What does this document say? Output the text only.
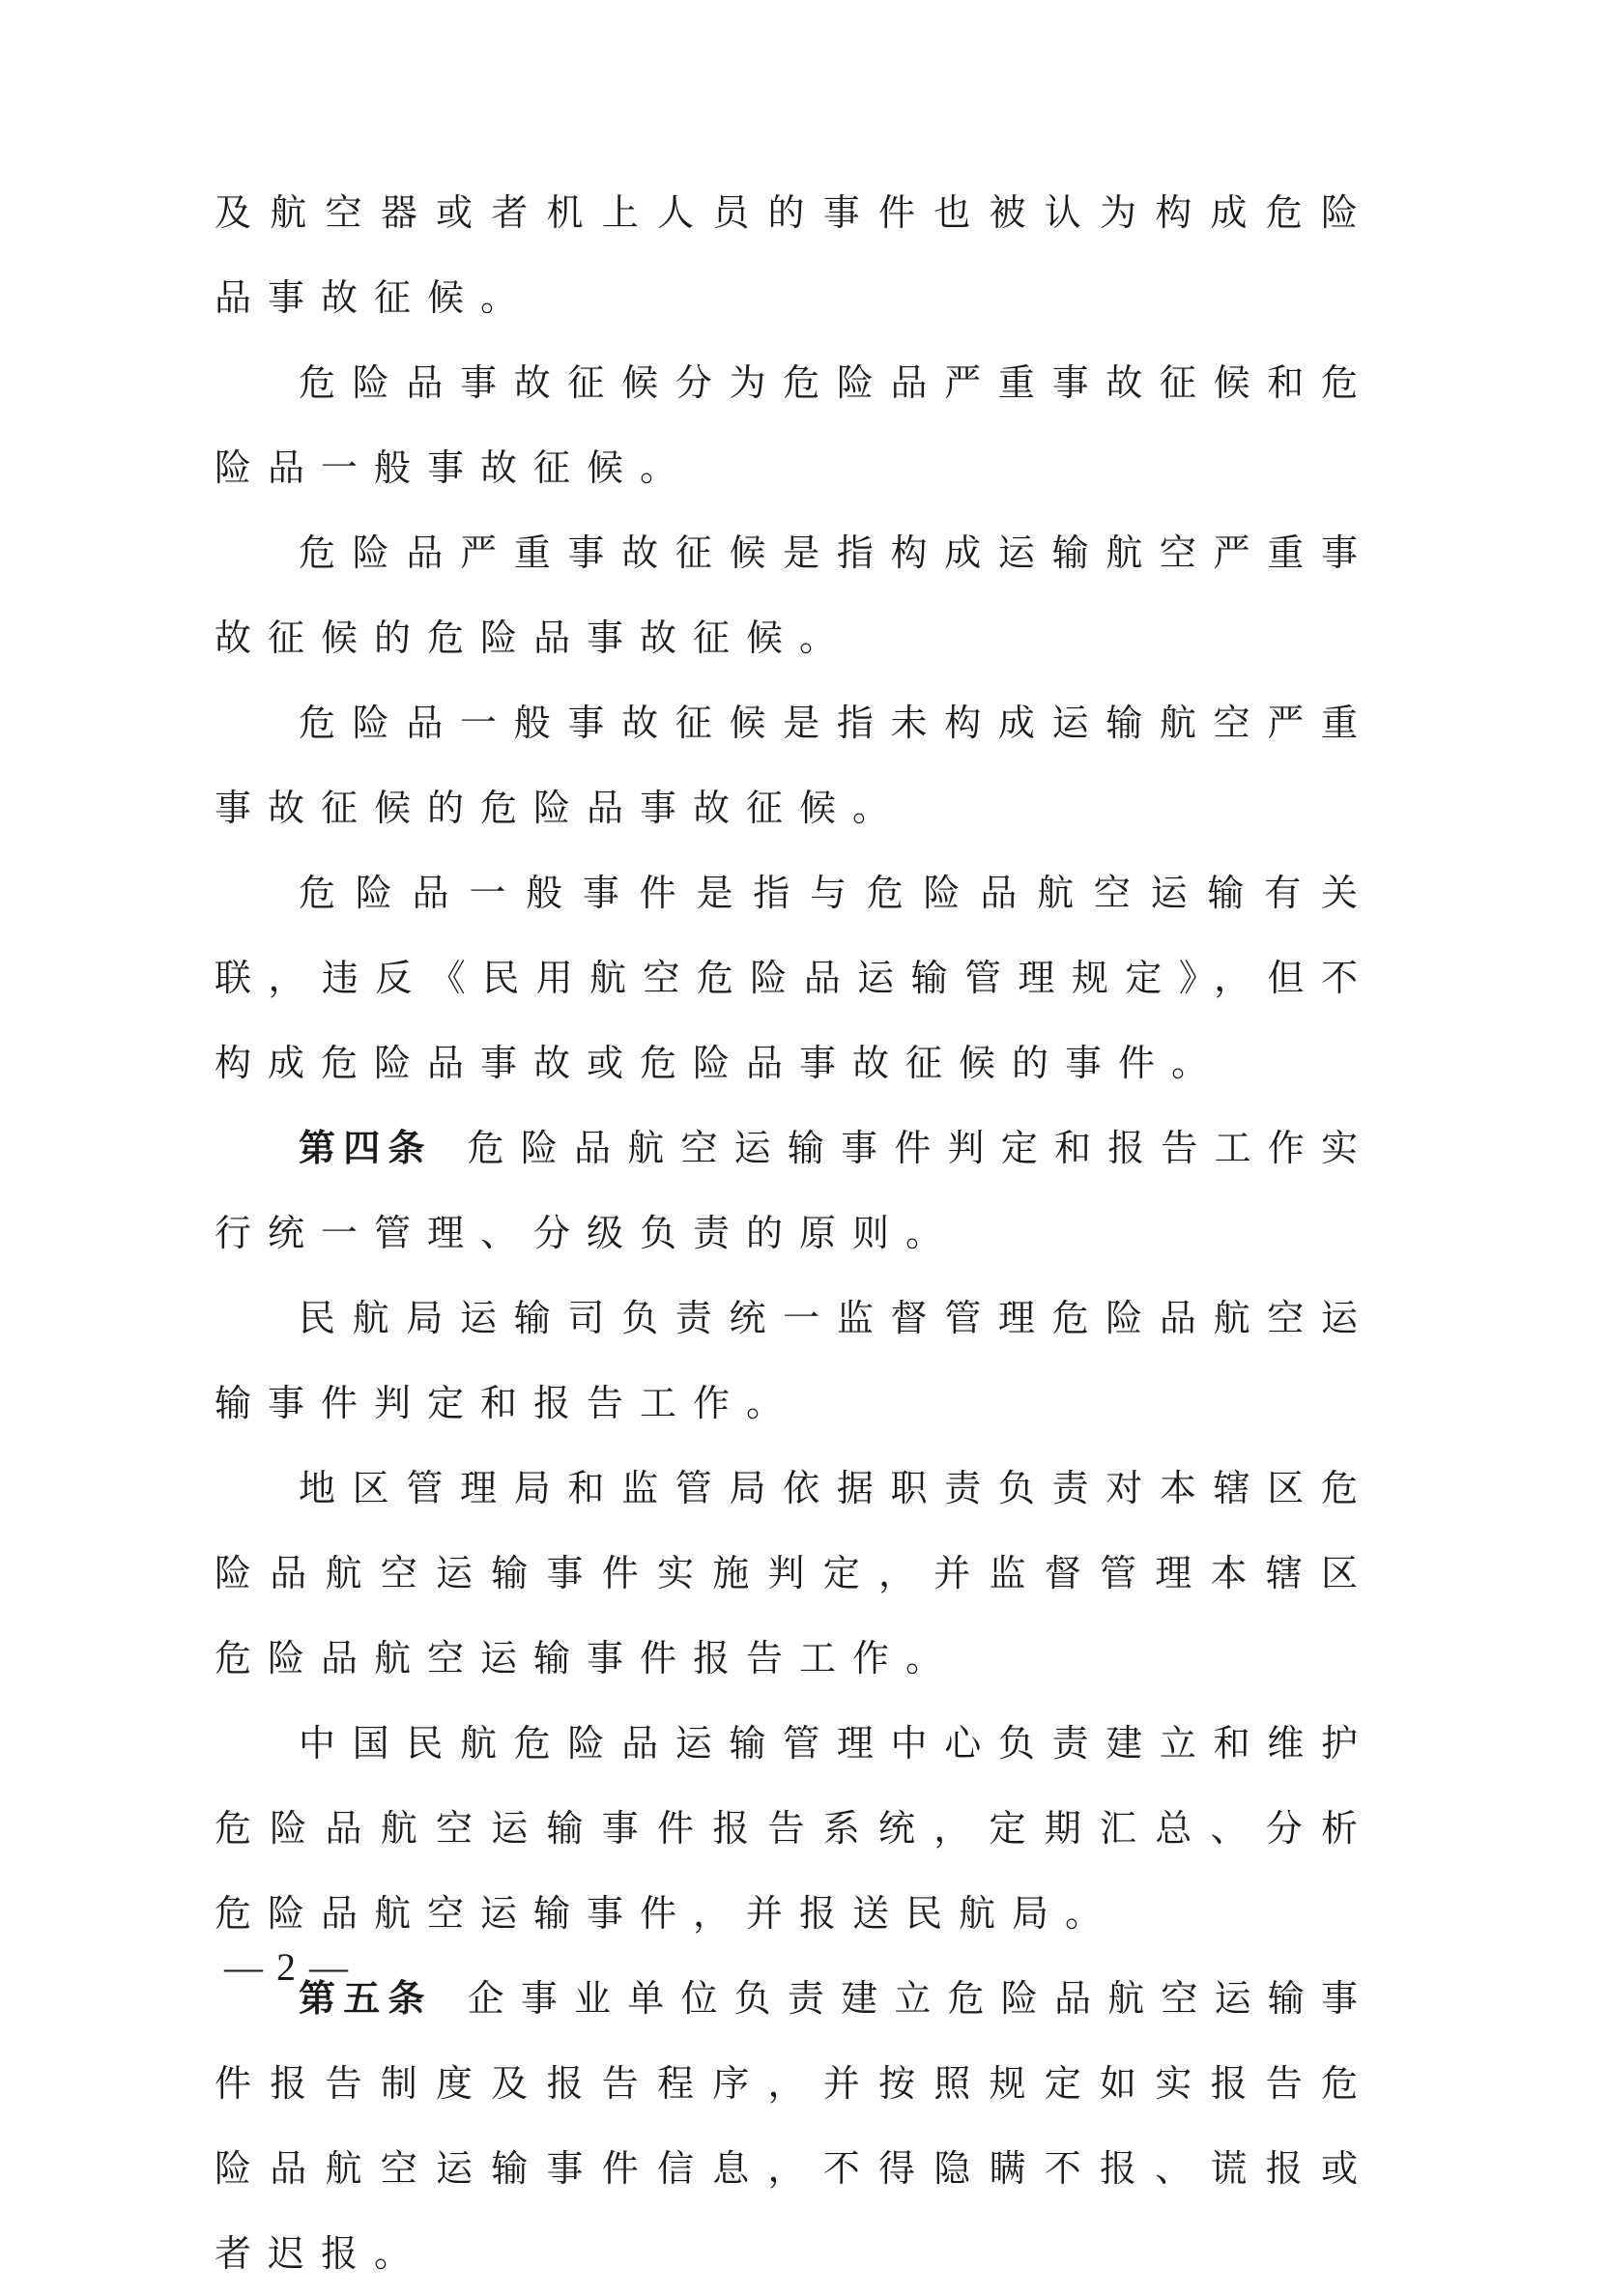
及航空器或者机上人员的事件也被认为构成危险品事故征候。

危险品事故征候分为危险品严重事故征候和危险品一般事故征候。

危险品严重事故征候是指构成运输航空严重事故征候的危险品事故征候。

危险品一般事故征候是指未构成运输航空严重事故征候的危险品事故征候。

危险品一般事件是指与危险品航空运输有关联，违反《民用航空危险品运输管理规定》，但不构成危险品事故或危险品事故征候的事件。

第四条 危险品航空运输事件判定和报告工作实行统一管理、分级负责的原则。

民航局运输司负责统一监督管理危险品航空运输事件判定和报告工作。

地区管理局和监管局依据职责负责对本辖区危险品航空运输事件实施判定，并监督管理本辖区危险品航空运输事件报告工作。

中国民航危险品运输管理中心负责建立和维护危险品航空运输事件报告系统，定期汇总、分析危险品航空运输事件，并报送民航局。

第五条 企事业单位负责建立危险品航空运输事件报告制度及报告程序，并按照规定如实报告危险品航空运输事件信息，不得隐瞒不报、谎报或者迟报。

— 2 —
